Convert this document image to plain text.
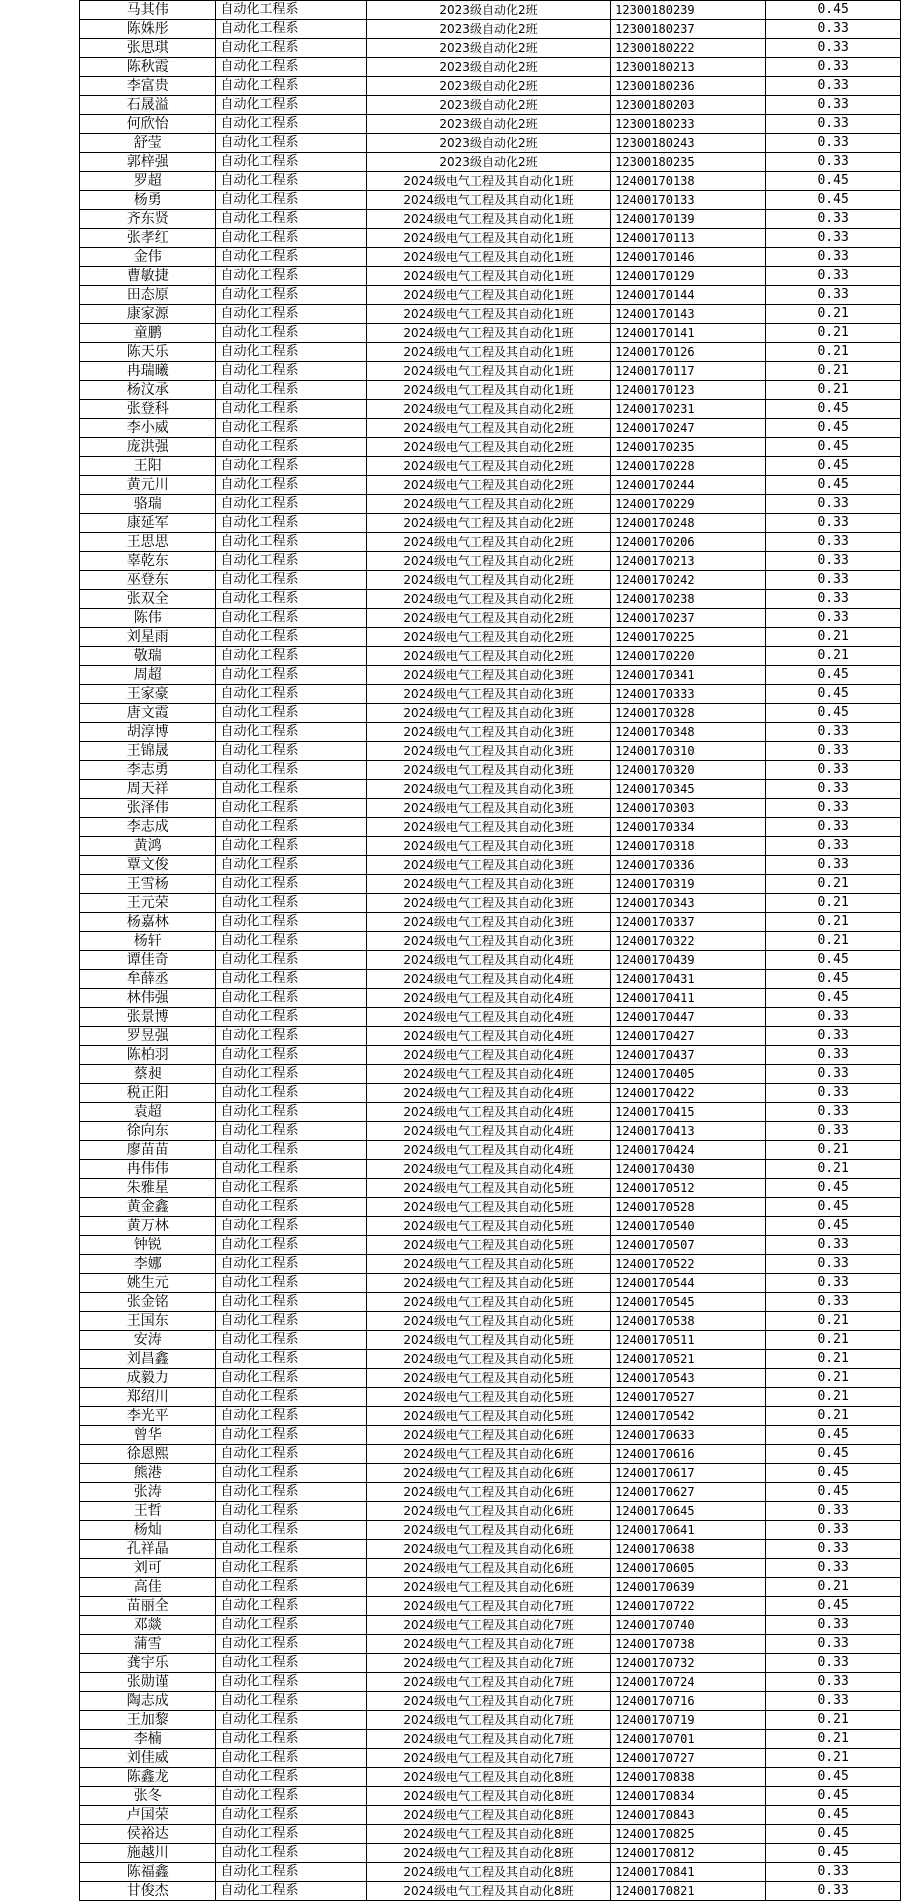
马其伟	自动化工程系	2023级自动化2班	12300180239	0.45
陈姝彤	自动化工程系	2023级自动化2班	12300180237	0.33
张思琪	自动化工程系	2023级自动化2班	12300180222	0.33
陈秋霞	自动化工程系	2023级自动化2班	12300180213	0.33
李富贵	自动化工程系	2023级自动化2班	12300180236	0.33
石晟溢	自动化工程系	2023级自动化2班	12300180203	0.33
何欣怡	自动化工程系	2023级自动化2班	12300180233	0.33
舒莹	自动化工程系	2023级自动化2班	12300180243	0.33
郭梓强	自动化工程系	2023级自动化2班	12300180235	0.33
罗超	自动化工程系	2024级电气工程及其自动化1班	12400170138	0.45
杨勇	自动化工程系	2024级电气工程及其自动化1班	12400170133	0.45
齐东贤	自动化工程系	2024级电气工程及其自动化1班	12400170139	0.33
张孝红	自动化工程系	2024级电气工程及其自动化1班	12400170113	0.33
金伟	自动化工程系	2024级电气工程及其自动化1班	12400170146	0.33
曹敏捷	自动化工程系	2024级电气工程及其自动化1班	12400170129	0.33
田态原	自动化工程系	2024级电气工程及其自动化1班	12400170144	0.33
康家源	自动化工程系	2024级电气工程及其自动化1班	12400170143	0.21
童鹏	自动化工程系	2024级电气工程及其自动化1班	12400170141	0.21
陈天乐	自动化工程系	2024级电气工程及其自动化1班	12400170126	0.21
冉瑞曦	自动化工程系	2024级电气工程及其自动化1班	12400170117	0.21
杨汶承	自动化工程系	2024级电气工程及其自动化1班	12400170123	0.21
张登科	自动化工程系	2024级电气工程及其自动化2班	12400170231	0.45
李小威	自动化工程系	2024级电气工程及其自动化2班	12400170247	0.45
庞洪强	自动化工程系	2024级电气工程及其自动化2班	12400170235	0.45
王阳	自动化工程系	2024级电气工程及其自动化2班	12400170228	0.45
黄元川	自动化工程系	2024级电气工程及其自动化2班	12400170244	0.45
骆瑞	自动化工程系	2024级电气工程及其自动化2班	12400170229	0.33
康延军	自动化工程系	2024级电气工程及其自动化2班	12400170248	0.33
王思思	自动化工程系	2024级电气工程及其自动化2班	12400170206	0.33
辜乾东	自动化工程系	2024级电气工程及其自动化2班	12400170213	0.33
巫登东	自动化工程系	2024级电气工程及其自动化2班	12400170242	0.33
张双全	自动化工程系	2024级电气工程及其自动化2班	12400170238	0.33
陈伟	自动化工程系	2024级电气工程及其自动化2班	12400170237	0.33
刘星雨	自动化工程系	2024级电气工程及其自动化2班	12400170225	0.21
敬瑞	自动化工程系	2024级电气工程及其自动化2班	12400170220	0.21
周超	自动化工程系	2024级电气工程及其自动化3班	12400170341	0.45
王家豪	自动化工程系	2024级电气工程及其自动化3班	12400170333	0.45
唐文霞	自动化工程系	2024级电气工程及其自动化3班	12400170328	0.45
胡淳博	自动化工程系	2024级电气工程及其自动化3班	12400170348	0.33
王锦晟	自动化工程系	2024级电气工程及其自动化3班	12400170310	0.33
李志勇	自动化工程系	2024级电气工程及其自动化3班	12400170320	0.33
周天祥	自动化工程系	2024级电气工程及其自动化3班	12400170345	0.33
张泽伟	自动化工程系	2024级电气工程及其自动化3班	12400170303	0.33
李志成	自动化工程系	2024级电气工程及其自动化3班	12400170334	0.33
黄鸿	自动化工程系	2024级电气工程及其自动化3班	12400170318	0.33
覃文俊	自动化工程系	2024级电气工程及其自动化3班	12400170336	0.33
王雪杨	自动化工程系	2024级电气工程及其自动化3班	12400170319	0.21
王元荣	自动化工程系	2024级电气工程及其自动化3班	12400170343	0.21
杨嘉林	自动化工程系	2024级电气工程及其自动化3班	12400170337	0.21
杨轩	自动化工程系	2024级电气工程及其自动化3班	12400170322	0.21
谭佳奇	自动化工程系	2024级电气工程及其自动化4班	12400170439	0.45
牟薛丞	自动化工程系	2024级电气工程及其自动化4班	12400170431	0.45
林伟强	自动化工程系	2024级电气工程及其自动化4班	12400170411	0.45
张景博	自动化工程系	2024级电气工程及其自动化4班	12400170447	0.33
罗昱强	自动化工程系	2024级电气工程及其自动化4班	12400170427	0.33
陈柏羽	自动化工程系	2024级电气工程及其自动化4班	12400170437	0.33
蔡昶	自动化工程系	2024级电气工程及其自动化4班	12400170405	0.33
税正阳	自动化工程系	2024级电气工程及其自动化4班	12400170422	0.33
袁超	自动化工程系	2024级电气工程及其自动化4班	12400170415	0.33
徐向东	自动化工程系	2024级电气工程及其自动化4班	12400170413	0.33
廖苗苗	自动化工程系	2024级电气工程及其自动化4班	12400170424	0.21
冉伟伟	自动化工程系	2024级电气工程及其自动化4班	12400170430	0.21
朱雅星	自动化工程系	2024级电气工程及其自动化5班	12400170512	0.45
黄金鑫	自动化工程系	2024级电气工程及其自动化5班	12400170528	0.45
黄万林	自动化工程系	2024级电气工程及其自动化5班	12400170540	0.45
钟锐	自动化工程系	2024级电气工程及其自动化5班	12400170507	0.33
李娜	自动化工程系	2024级电气工程及其自动化5班	12400170522	0.33
姚生元	自动化工程系	2024级电气工程及其自动化5班	12400170544	0.33
张金铭	自动化工程系	2024级电气工程及其自动化5班	12400170545	0.33
王国东	自动化工程系	2024级电气工程及其自动化5班	12400170538	0.21
安涛	自动化工程系	2024级电气工程及其自动化5班	12400170511	0.21
刘昌鑫	自动化工程系	2024级电气工程及其自动化5班	12400170521	0.21
成毅力	自动化工程系	2024级电气工程及其自动化5班	12400170543	0.21
郑绍川	自动化工程系	2024级电气工程及其自动化5班	12400170527	0.21
李光平	自动化工程系	2024级电气工程及其自动化5班	12400170542	0.21
曾华	自动化工程系	2024级电气工程及其自动化6班	12400170633	0.45
徐恩熙	自动化工程系	2024级电气工程及其自动化6班	12400170616	0.45
熊港	自动化工程系	2024级电气工程及其自动化6班	12400170617	0.45
张涛	自动化工程系	2024级电气工程及其自动化6班	12400170627	0.45
王哲	自动化工程系	2024级电气工程及其自动化6班	12400170645	0.33
杨灿	自动化工程系	2024级电气工程及其自动化6班	12400170641	0.33
孔祥晶	自动化工程系	2024级电气工程及其自动化6班	12400170638	0.33
刘可	自动化工程系	2024级电气工程及其自动化6班	12400170605	0.33
高佳	自动化工程系	2024级电气工程及其自动化6班	12400170639	0.21
苗丽全	自动化工程系	2024级电气工程及其自动化7班	12400170722	0.45
邓燚	自动化工程系	2024级电气工程及其自动化7班	12400170740	0.33
蒲雪	自动化工程系	2024级电气工程及其自动化7班	12400170738	0.33
龚宇乐	自动化工程系	2024级电气工程及其自动化7班	12400170732	0.33
张勋谨	自动化工程系	2024级电气工程及其自动化7班	12400170724	0.33
陶志成	自动化工程系	2024级电气工程及其自动化7班	12400170716	0.33
王加黎	自动化工程系	2024级电气工程及其自动化7班	12400170719	0.21
李楠	自动化工程系	2024级电气工程及其自动化7班	12400170701	0.21
刘佳威	自动化工程系	2024级电气工程及其自动化7班	12400170727	0.21
陈鑫龙	自动化工程系	2024级电气工程及其自动化8班	12400170838	0.45
张冬	自动化工程系	2024级电气工程及其自动化8班	12400170834	0.45
卢国荣	自动化工程系	2024级电气工程及其自动化8班	12400170843	0.45
侯裕达	自动化工程系	2024级电气工程及其自动化8班	12400170825	0.45
施越川	自动化工程系	2024级电气工程及其自动化8班	12400170812	0.45
陈福鑫	自动化工程系	2024级电气工程及其自动化8班	12400170841	0.33
甘俊杰	自动化工程系	2024级电气工程及其自动化8班	12400170821	0.33
